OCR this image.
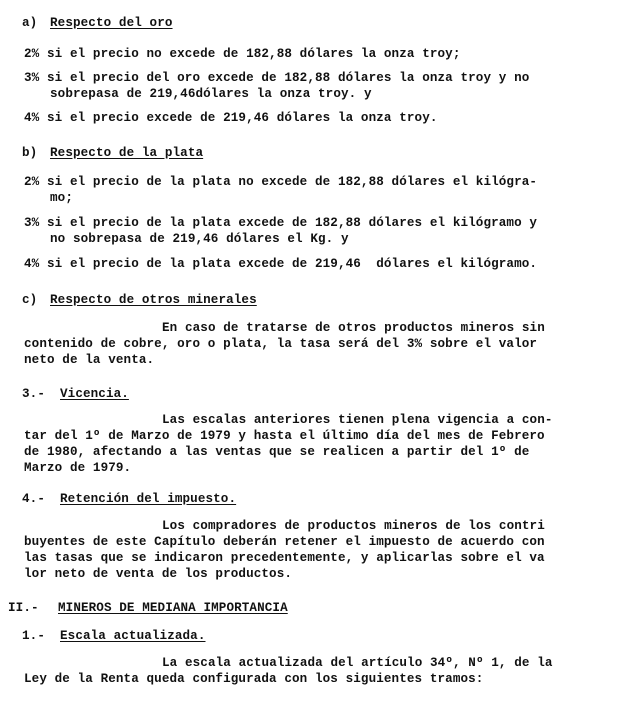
a) Respecto del oro
2% si el precio no excede de 182,88 dólares la onza troy;
3% si el precio del oro excede de 182,88 dólares la onza troy y no
sobrepasa de 219,46dólares la onza troy. y
4% si el precio excede de 219,46 dólares la onza troy.
b) Respecto de la plata
2% si el precio de la plata no excede de 182,88 dólares el kilógra-
mo;
3% si el precio de la plata excede de 182,88 dólares el kilógramo y
no sobrepasa de 219,46 dólares el Kg. y
4% si el precio de la plata excede de 219,46  dólares el kilógramo.
c) Respecto de otros minerales
En caso de tratarse de otros productos mineros sin
contenido de cobre, oro o plata, la tasa será del 3% sobre el valor
neto de la venta.
3.- Vicencia.
Las escalas anteriores tienen plena vigencia a con-
tar del 1º de Marzo de 1979 y hasta el último día del mes de Febrero
de 1980, afectando a las ventas que se realicen a partir del 1º de
Marzo de 1979.
4.- Retención del impuesto.
Los compradores de productos mineros de los contri
buyentes de este Capítulo deberán retener el impuesto de acuerdo con
las tasas que se indicaron precedentemente, y aplicarlas sobre el va
lor neto de venta de los productos.
II.- MINEROS DE MEDIANA IMPORTANCIA
1.- Escala actualizada.
La escala actualizada del artículo 34º, Nº 1, de la
Ley de la Renta queda configurada con los siguientes tramos:
